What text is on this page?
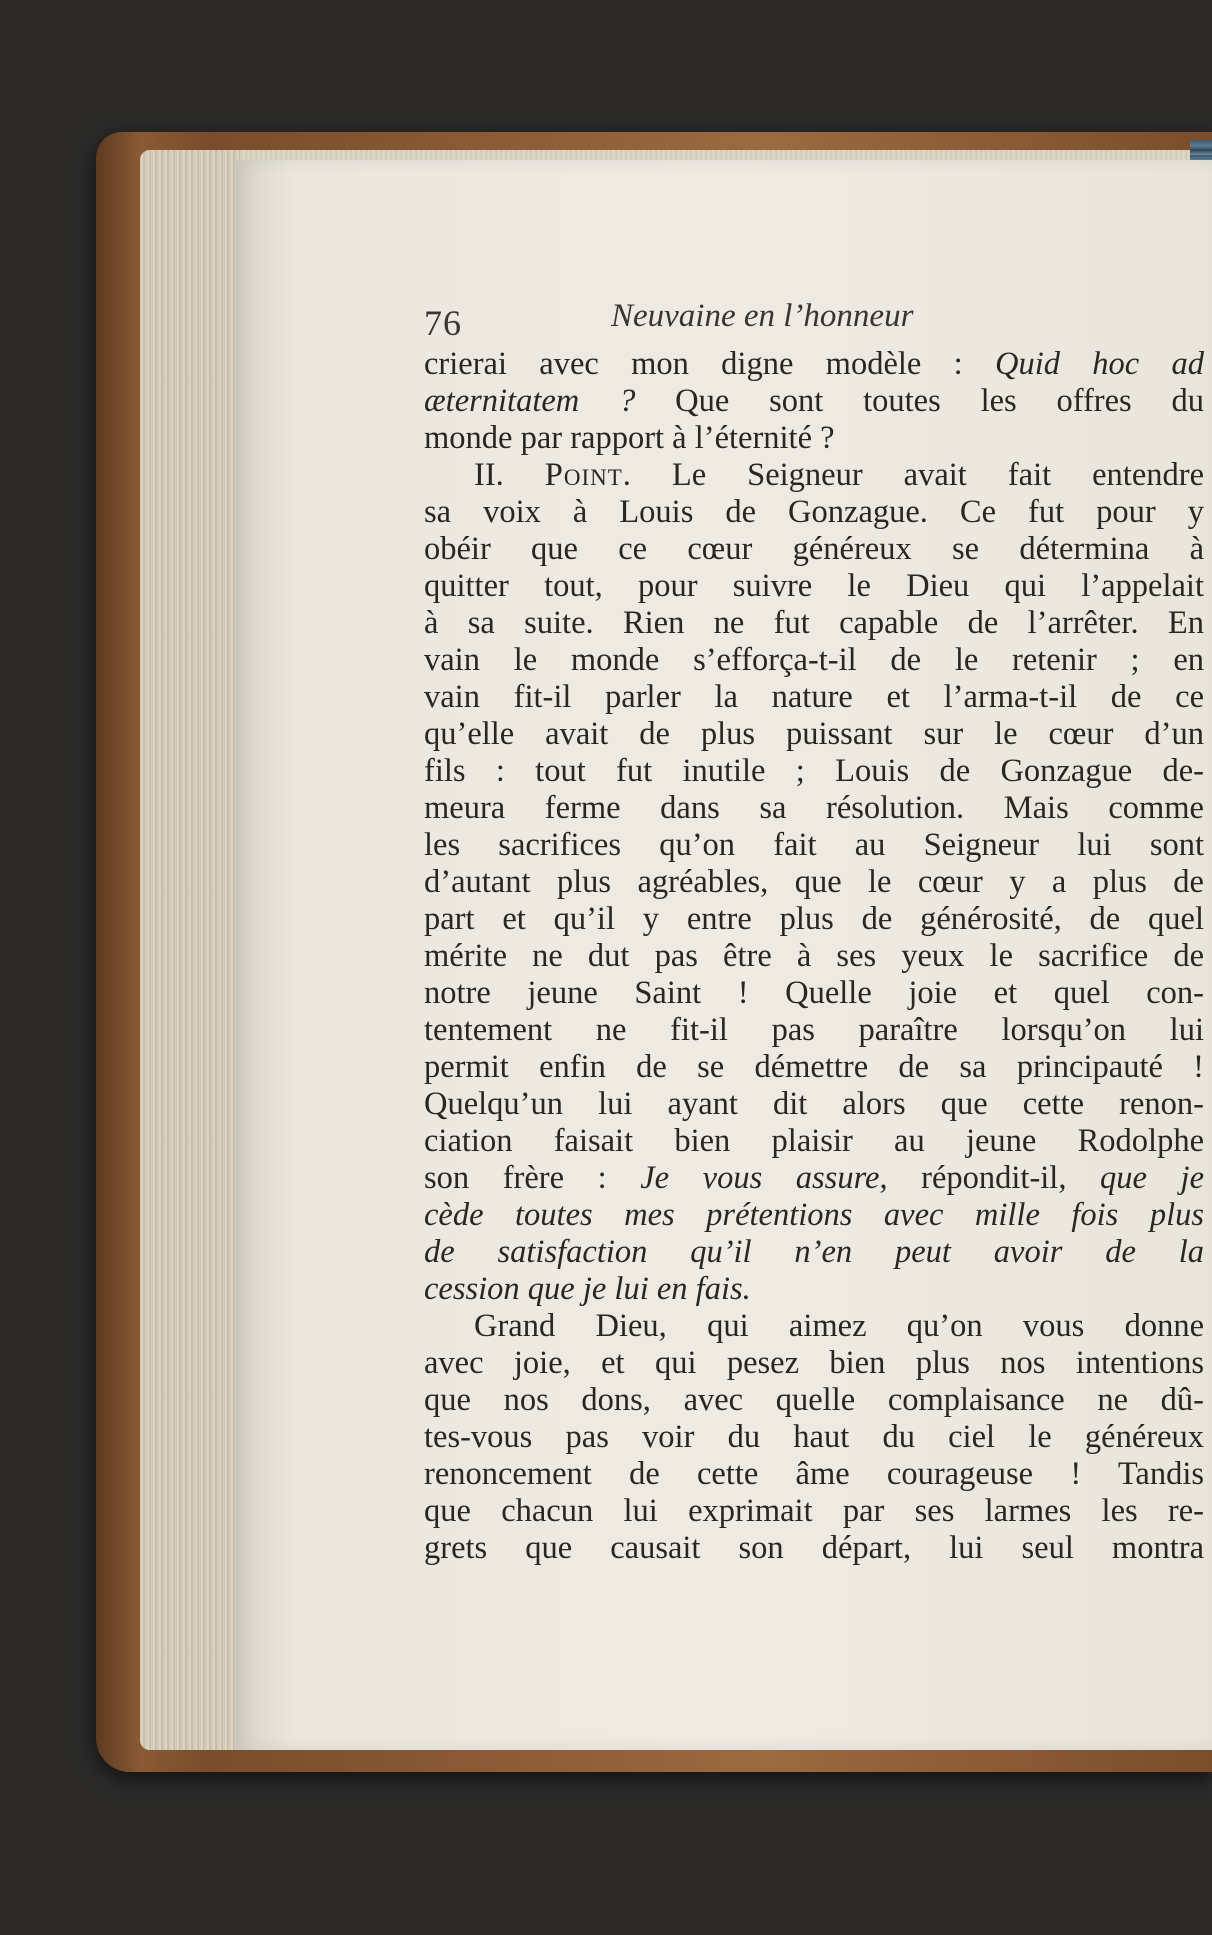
76	Neuvaine en l’honneur
crierai avec mon digne modèle : Quid hoc ad
æternitatem ? Que sont toutes les offres du
monde par rapport à l’éternité ?
II. Point. Le Seigneur avait fait entendre
sa voix à Louis de Gonzague. Ce fut pour y
obéir que ce cœur généreux se détermina à
quitter tout, pour suivre le Dieu qui l’appelait
à sa suite. Rien ne fut capable de l’arrêter. En
vain le monde s’efforça-t-il de le retenir ; en
vain fit-il parler la nature et l’arma-t-il de ce
qu’elle avait de plus puissant sur le cœur d’un
fils : tout fut inutile ; Louis de Gonzague de-
meura ferme dans sa résolution. Mais comme
les sacrifices qu’on fait au Seigneur lui sont
d’autant plus agréables, que le cœur y a plus de
part et qu’il y entre plus de générosité, de quel
mérite ne dut pas être à ses yeux le sacrifice de
notre jeune Saint ! Quelle joie et quel con-
tentement ne fit-il pas paraître lorsqu’on lui
permit enfin de se démettre de sa principauté !
Quelqu’un lui ayant dit alors que cette renon-
ciation faisait bien plaisir au jeune Rodolphe
son frère : Je vous assure, répondit-il, que je
cède toutes mes prétentions avec mille fois plus
de satisfaction qu’il n’en peut avoir de la
cession que je lui en fais.
Grand Dieu, qui aimez qu’on vous donne
avec joie, et qui pesez bien plus nos intentions
que nos dons, avec quelle complaisance ne dû-
tes-vous pas voir du haut du ciel le généreux
renoncement de cette âme courageuse ! Tandis
que chacun lui exprimait par ses larmes les re-
grets que causait son départ, lui seul montra
